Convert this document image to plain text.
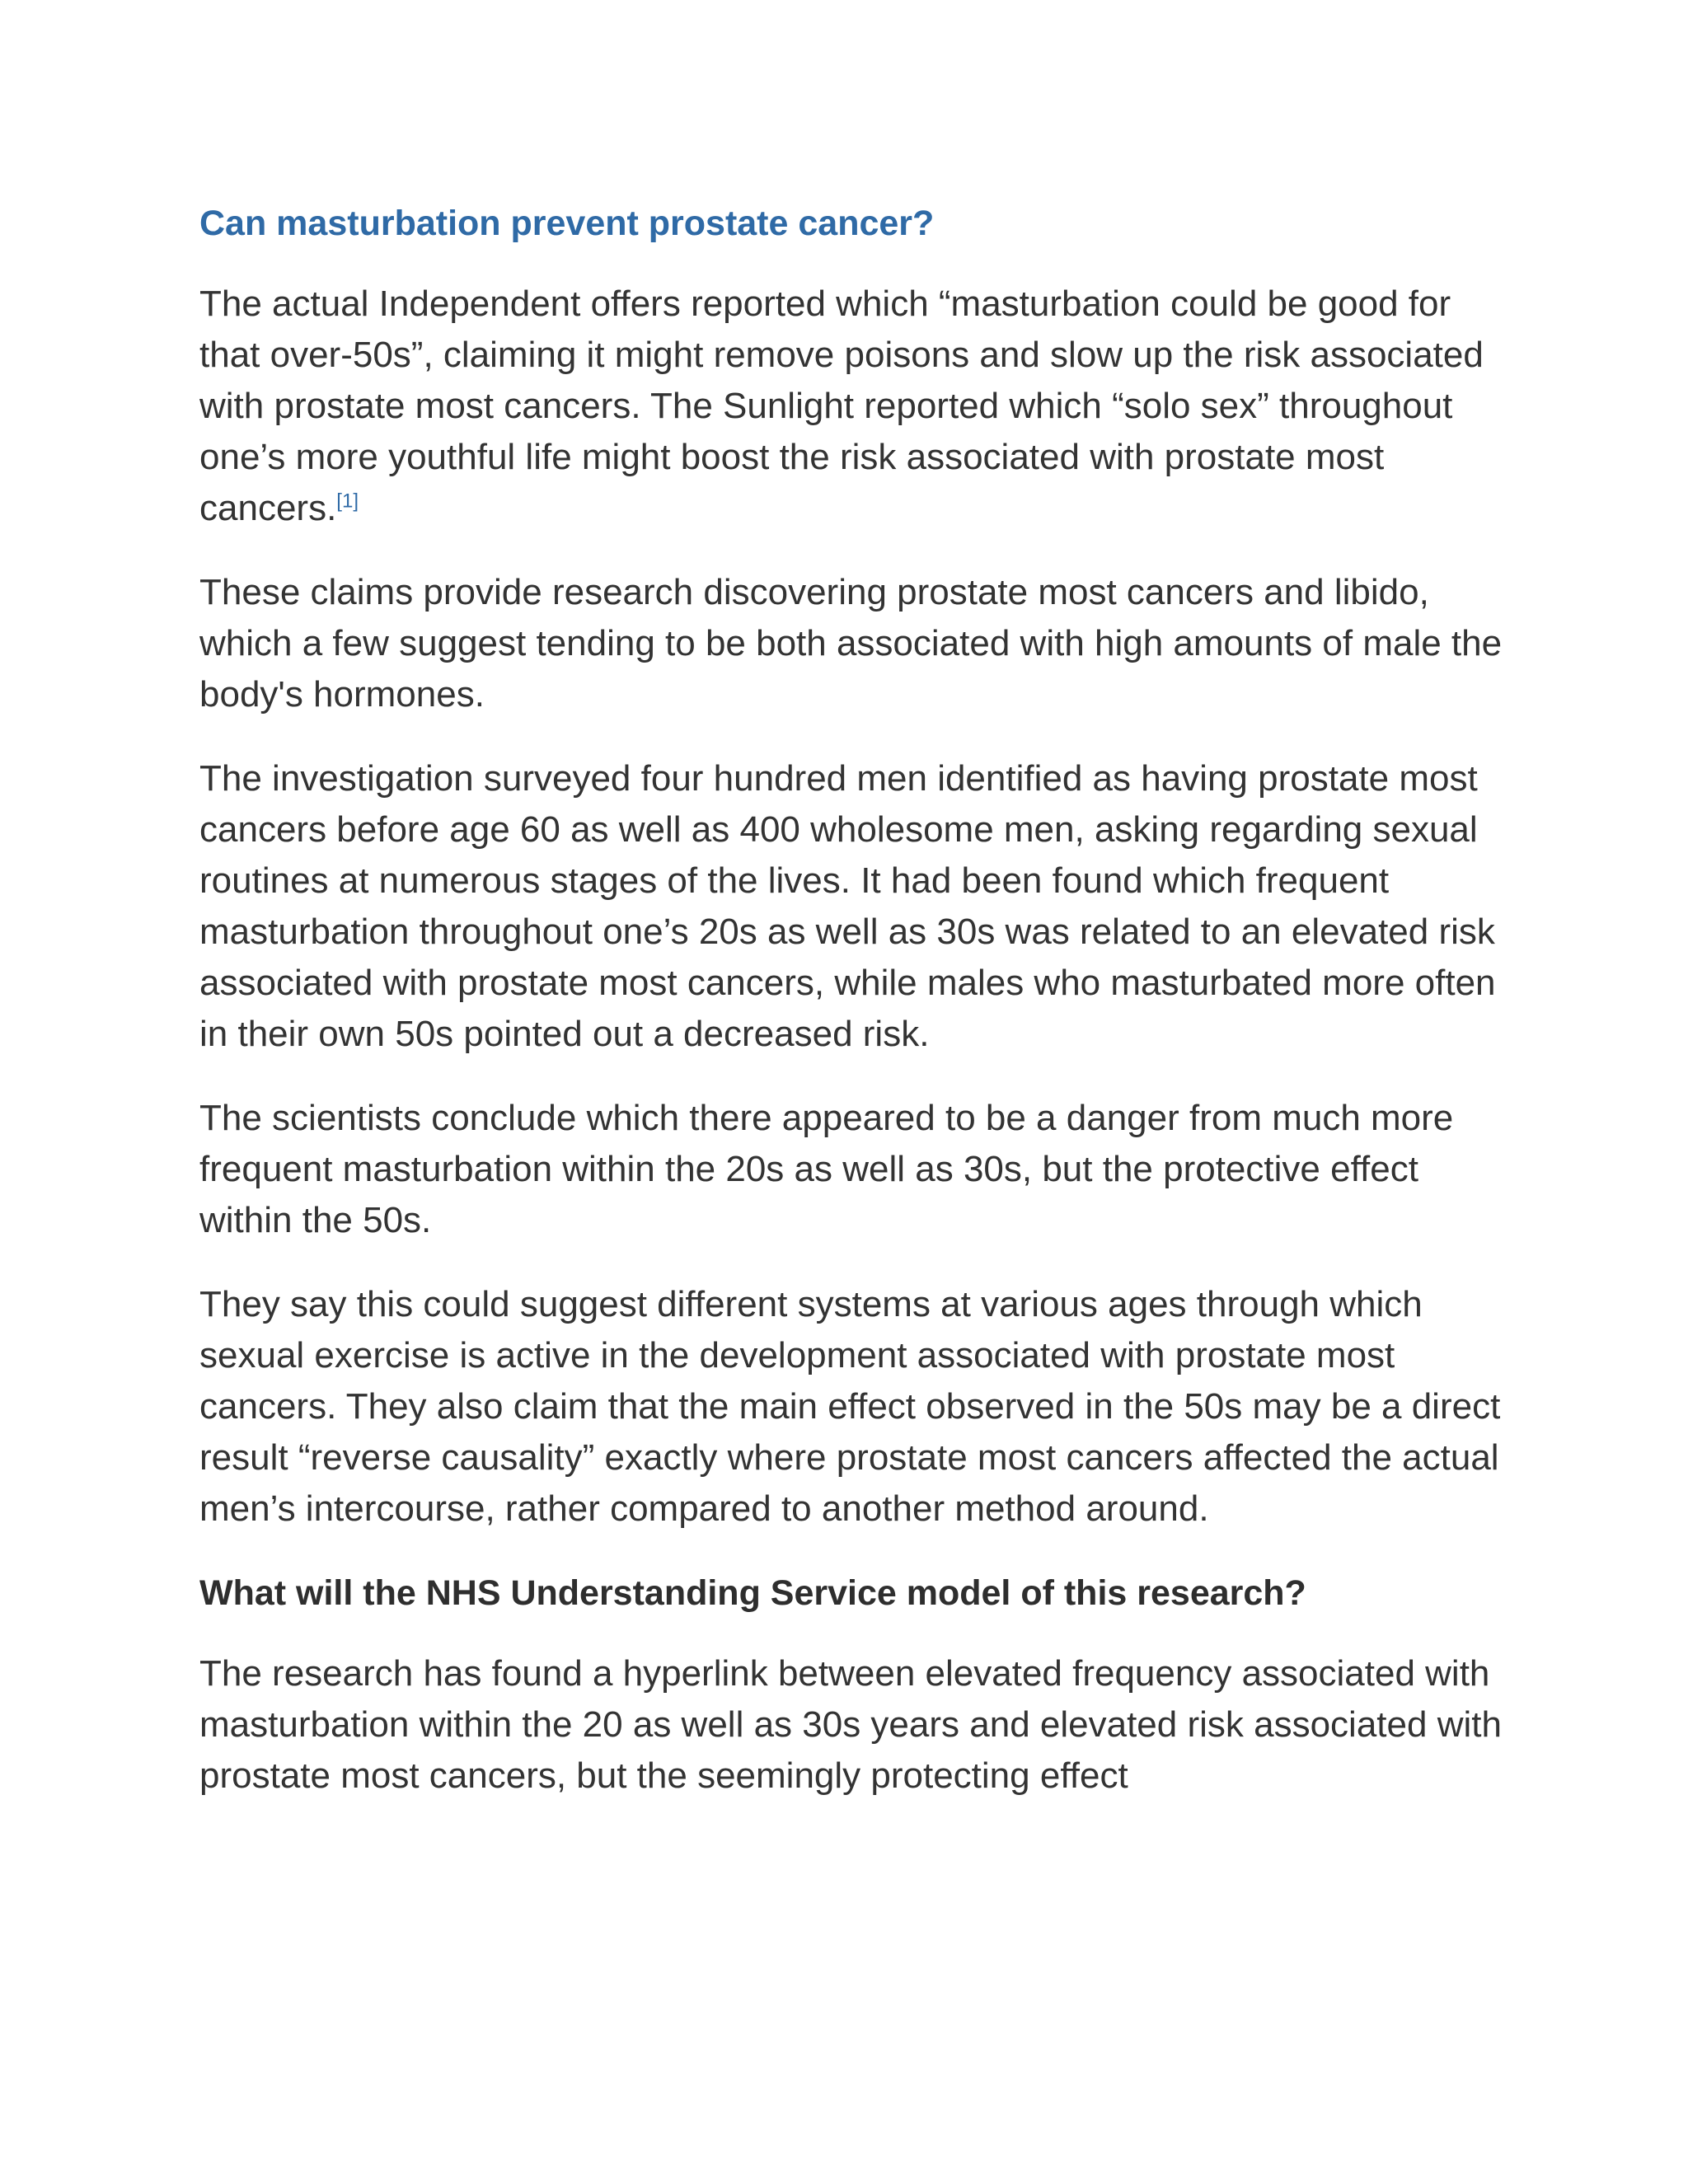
Can masturbation prevent prostate cancer?

The actual Independent offers reported which “masturbation could be good for that over-50s”, claiming it might remove poisons and slow up the risk associated with prostate most cancers. The Sunlight reported which “solo sex” throughout one’s more youthful life might boost the risk associated with prostate most cancers.[1]

These claims provide research discovering prostate most cancers and libido, which a few suggest tending to be both associated with high amounts of male the body's hormones.

The investigation surveyed four hundred men identified as having prostate most cancers before age 60 as well as 400 wholesome men, asking regarding sexual routines at numerous stages of the lives. It had been found which frequent masturbation throughout one’s 20s as well as 30s was related to an elevated risk associated with prostate most cancers, while males who masturbated more often in their own 50s pointed out a decreased risk.

The scientists conclude which there appeared to be a danger from much more frequent masturbation within the 20s as well as 30s, but the protective effect within the 50s.

They say this could suggest different systems at various ages through which sexual exercise is active in the development associated with prostate most cancers. They also claim that the main effect observed in the 50s may be a direct result “reverse causality” exactly where prostate most cancers affected the actual men’s intercourse, rather compared to another method around.

What will the NHS Understanding Service model of this research?

The research has found a hyperlink between elevated frequency associated with masturbation within the 20 as well as 30s years and elevated risk associated with prostate most cancers, but the seemingly protecting effect
